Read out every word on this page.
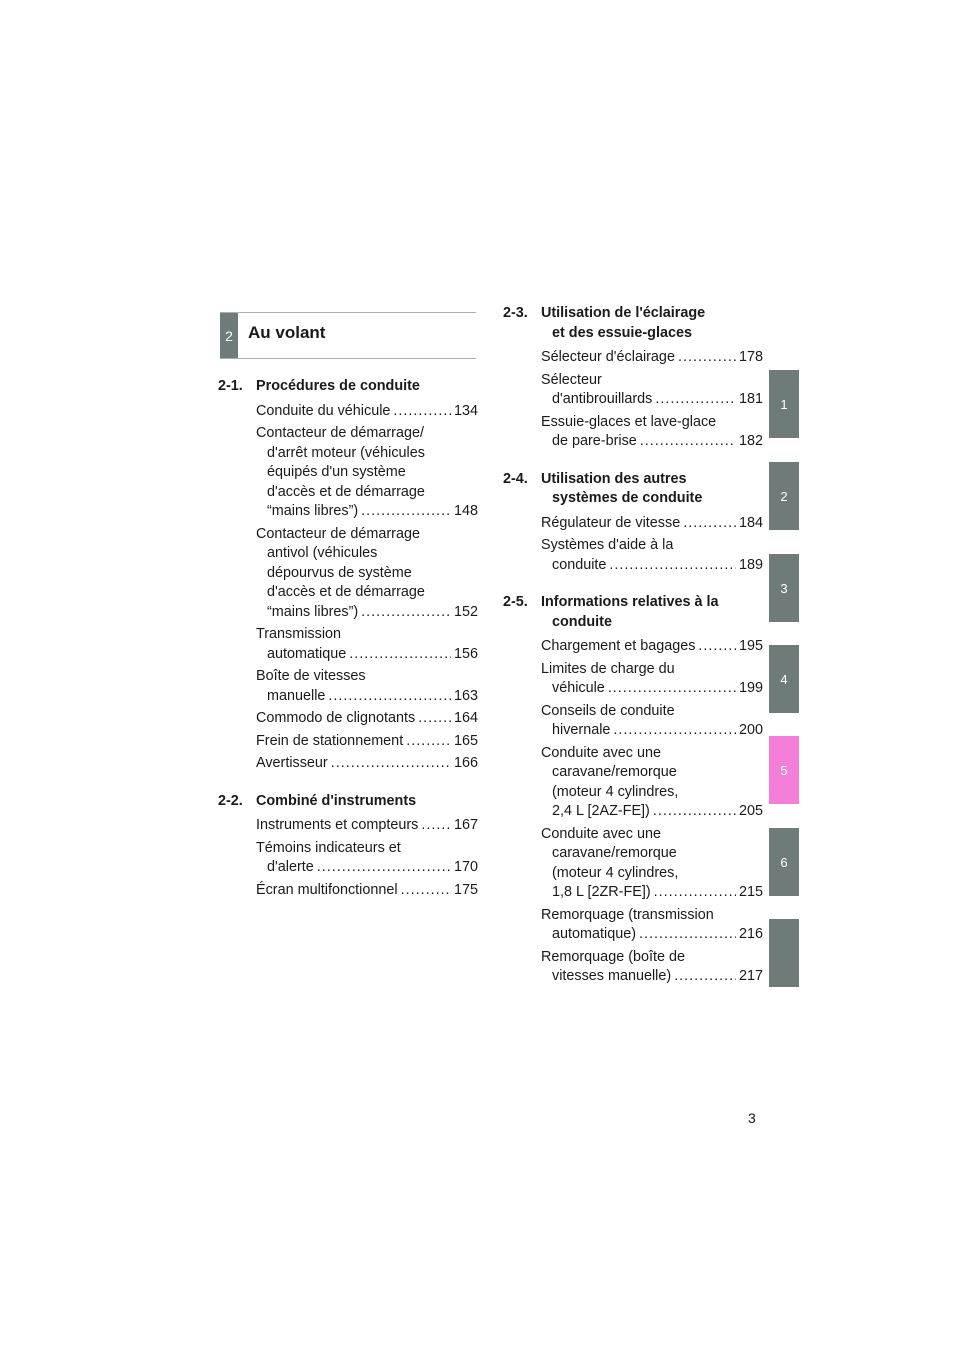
2 Au volant
2-1. Procédures de conduite
Conduite du véhicule . . .	134
Contacteur de démarrage/
d'arrêt moteur (véhicules
équipés d'un système
d'accès et de démarrage
“mains libres”) . . .	148
Contacteur de démarrage
antivol (véhicules
dépourvus de système
d'accès et de démarrage
“mains libres”) . . .	152
Transmission
automatique . . .	156
Boîte de vitesses
manuelle . . .	163
Commodo de clignotants . . .	164
Frein de stationnement . . .	165
Avertisseur . . .	166
2-2. Combiné d'instruments
Instruments et compteurs . . . 167
Témoins indicateurs et
d'alerte . . .	170
Écran multifonctionnel . . .	175
2-3. Utilisation de l'éclairage
et des essuie-glaces
Sélecteur d'éclairage . . .	178
Sélecteur
d'antibrouillards . . .	181
Essuie-glaces et lave-glace
de pare-brise . . .	182
2-4. Utilisation des autres
systèmes de conduite
Régulateur de vitesse . . .	184
Systèmes d'aide à la
conduite . . .	189
2-5. Informations relatives à la
conduite
Chargement et bagages . . .	195
Limites de charge du
véhicule . . .	199
Conseils de conduite
hivernale . . .	200
Conduite avec une
caravane/remorque
(moteur 4 cylindres,
2,4 L [2AZ-FE]) . . .	205
Conduite avec une
caravane/remorque
(moteur 4 cylindres,
1,8 L [2ZR-FE]) . . .	215
Remorquage (transmission
automatique) . . .	216
Remorquage (boîte de
vitesses manuelle) . . .	217
1
2
3
4
5
6
3
